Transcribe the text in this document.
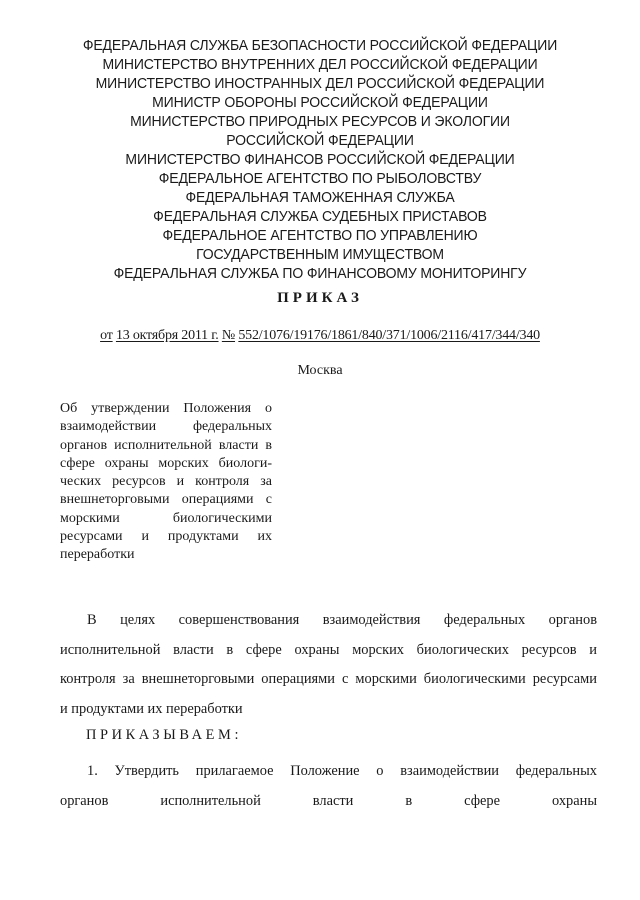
ФЕДЕРАЛЬНАЯ СЛУЖБА БЕЗОПАСНОСТИ РОССИЙСКОЙ ФЕДЕРАЦИИ
МИНИСТЕРСТВО ВНУТРЕННИХ ДЕЛ РОССИЙСКОЙ ФЕДЕРАЦИИ
МИНИСТЕРСТВО ИНОСТРАННЫХ ДЕЛ РОССИЙСКОЙ ФЕДЕРАЦИИ
МИНИСТР ОБОРОНЫ РОССИЙСКОЙ ФЕДЕРАЦИИ
МИНИСТЕРСТВО ПРИРОДНЫХ РЕСУРСОВ И ЭКОЛОГИИ
РОССИЙСКОЙ ФЕДЕРАЦИИ
МИНИСТЕРСТВО ФИНАНСОВ РОССИЙСКОЙ ФЕДЕРАЦИИ
ФЕДЕРАЛЬНОЕ АГЕНТСТВО ПО РЫБОЛОВСТВУ
ФЕДЕРАЛЬНАЯ ТАМОЖЕННАЯ СЛУЖБА
ФЕДЕРАЛЬНАЯ СЛУЖБА СУДЕБНЫХ ПРИСТАВОВ
ФЕДЕРАЛЬНОЕ АГЕНТСТВО ПО УПРАВЛЕНИЮ
ГОСУДАРСТВЕННЫМ ИМУЩЕСТВОМ
ФЕДЕРАЛЬНАЯ СЛУЖБА ПО ФИНАНСОВОМУ МОНИТОРИНГУ
ПРИКАЗ
от 13 октября 2011 г. № 552/1076/19176/1861/840/371/1006/2116/417/344/340
Москва
Об утверждении Положения о
взаимодействии федеральных
органов исполнительной власти в
сфере охраны морских биологи-
ческих ресурсов и контроля за
внешнеторговыми операциями с
морскими биологическими
ресурсами и продуктами их
переработки
В целях совершенствования взаимодействия федеральных органов
исполнительной власти в сфере охраны морских биологических ресурсов и
контроля за внешнеторговыми операциями с морскими биологическими ресурсами
и продуктами их переработки
ПРИКАЗЫВАЕМ:
1. Утвердить прилагаемое Положение о взаимодействии федеральных
органов исполнительной власти в сфере охраны
